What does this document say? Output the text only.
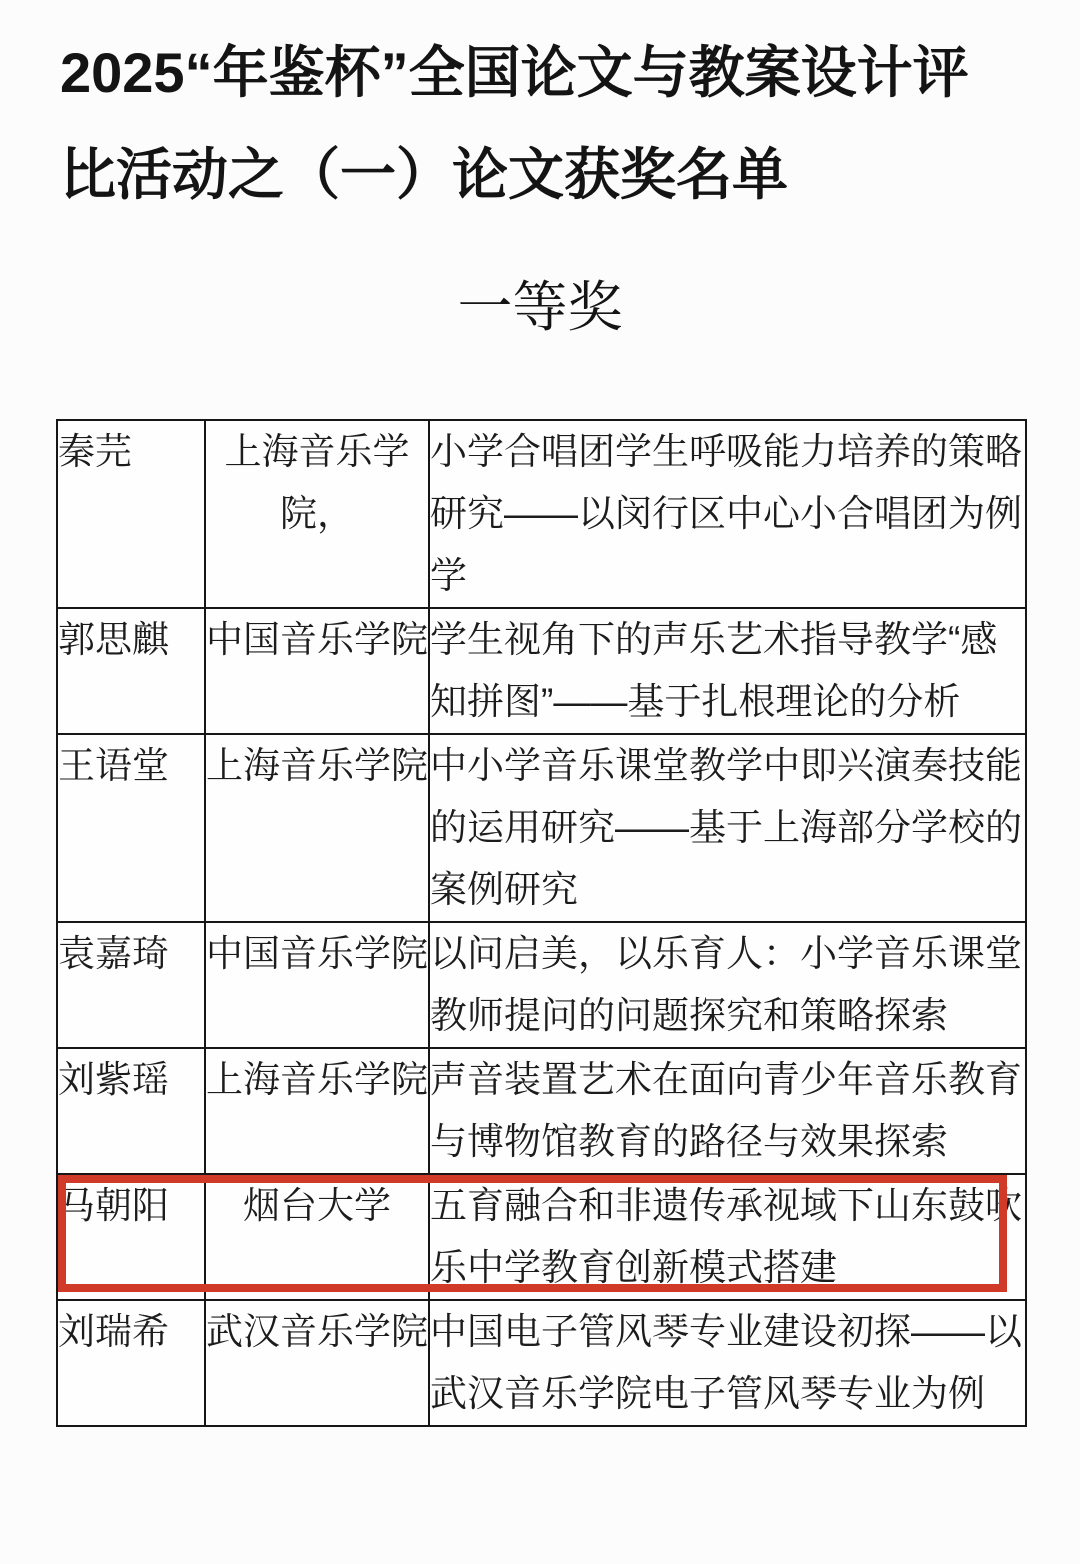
2025“年鉴杯”全国论文与教案设计评比活动之（一）论文获奖名单
一等奖
秦芫	上海音乐学院，	小学合唱团学生呼吸能力培养的策略研究——以闵行区中心小合唱团为例学
郭思麒	中国音乐学院	学生视角下的声乐艺术指导教学“感知拼图”——基于扎根理论的分析
王语堂	上海音乐学院	中小学音乐课堂教学中即兴演奏技能的运用研究——基于上海部分学校的案例研究
袁嘉琦	中国音乐学院	以问启美，以乐育人：小学音乐课堂教师提问的问题探究和策略探索
刘紫瑶	上海音乐学院	声音装置艺术在面向青少年音乐教育与博物馆教育的路径与效果探索
马朝阳	烟台大学	五育融合和非遗传承视域下山东鼓吹乐中学教育创新模式搭建
刘瑞希	武汉音乐学院	中国电子管风琴专业建设初探——以武汉音乐学院电子管风琴专业为例
